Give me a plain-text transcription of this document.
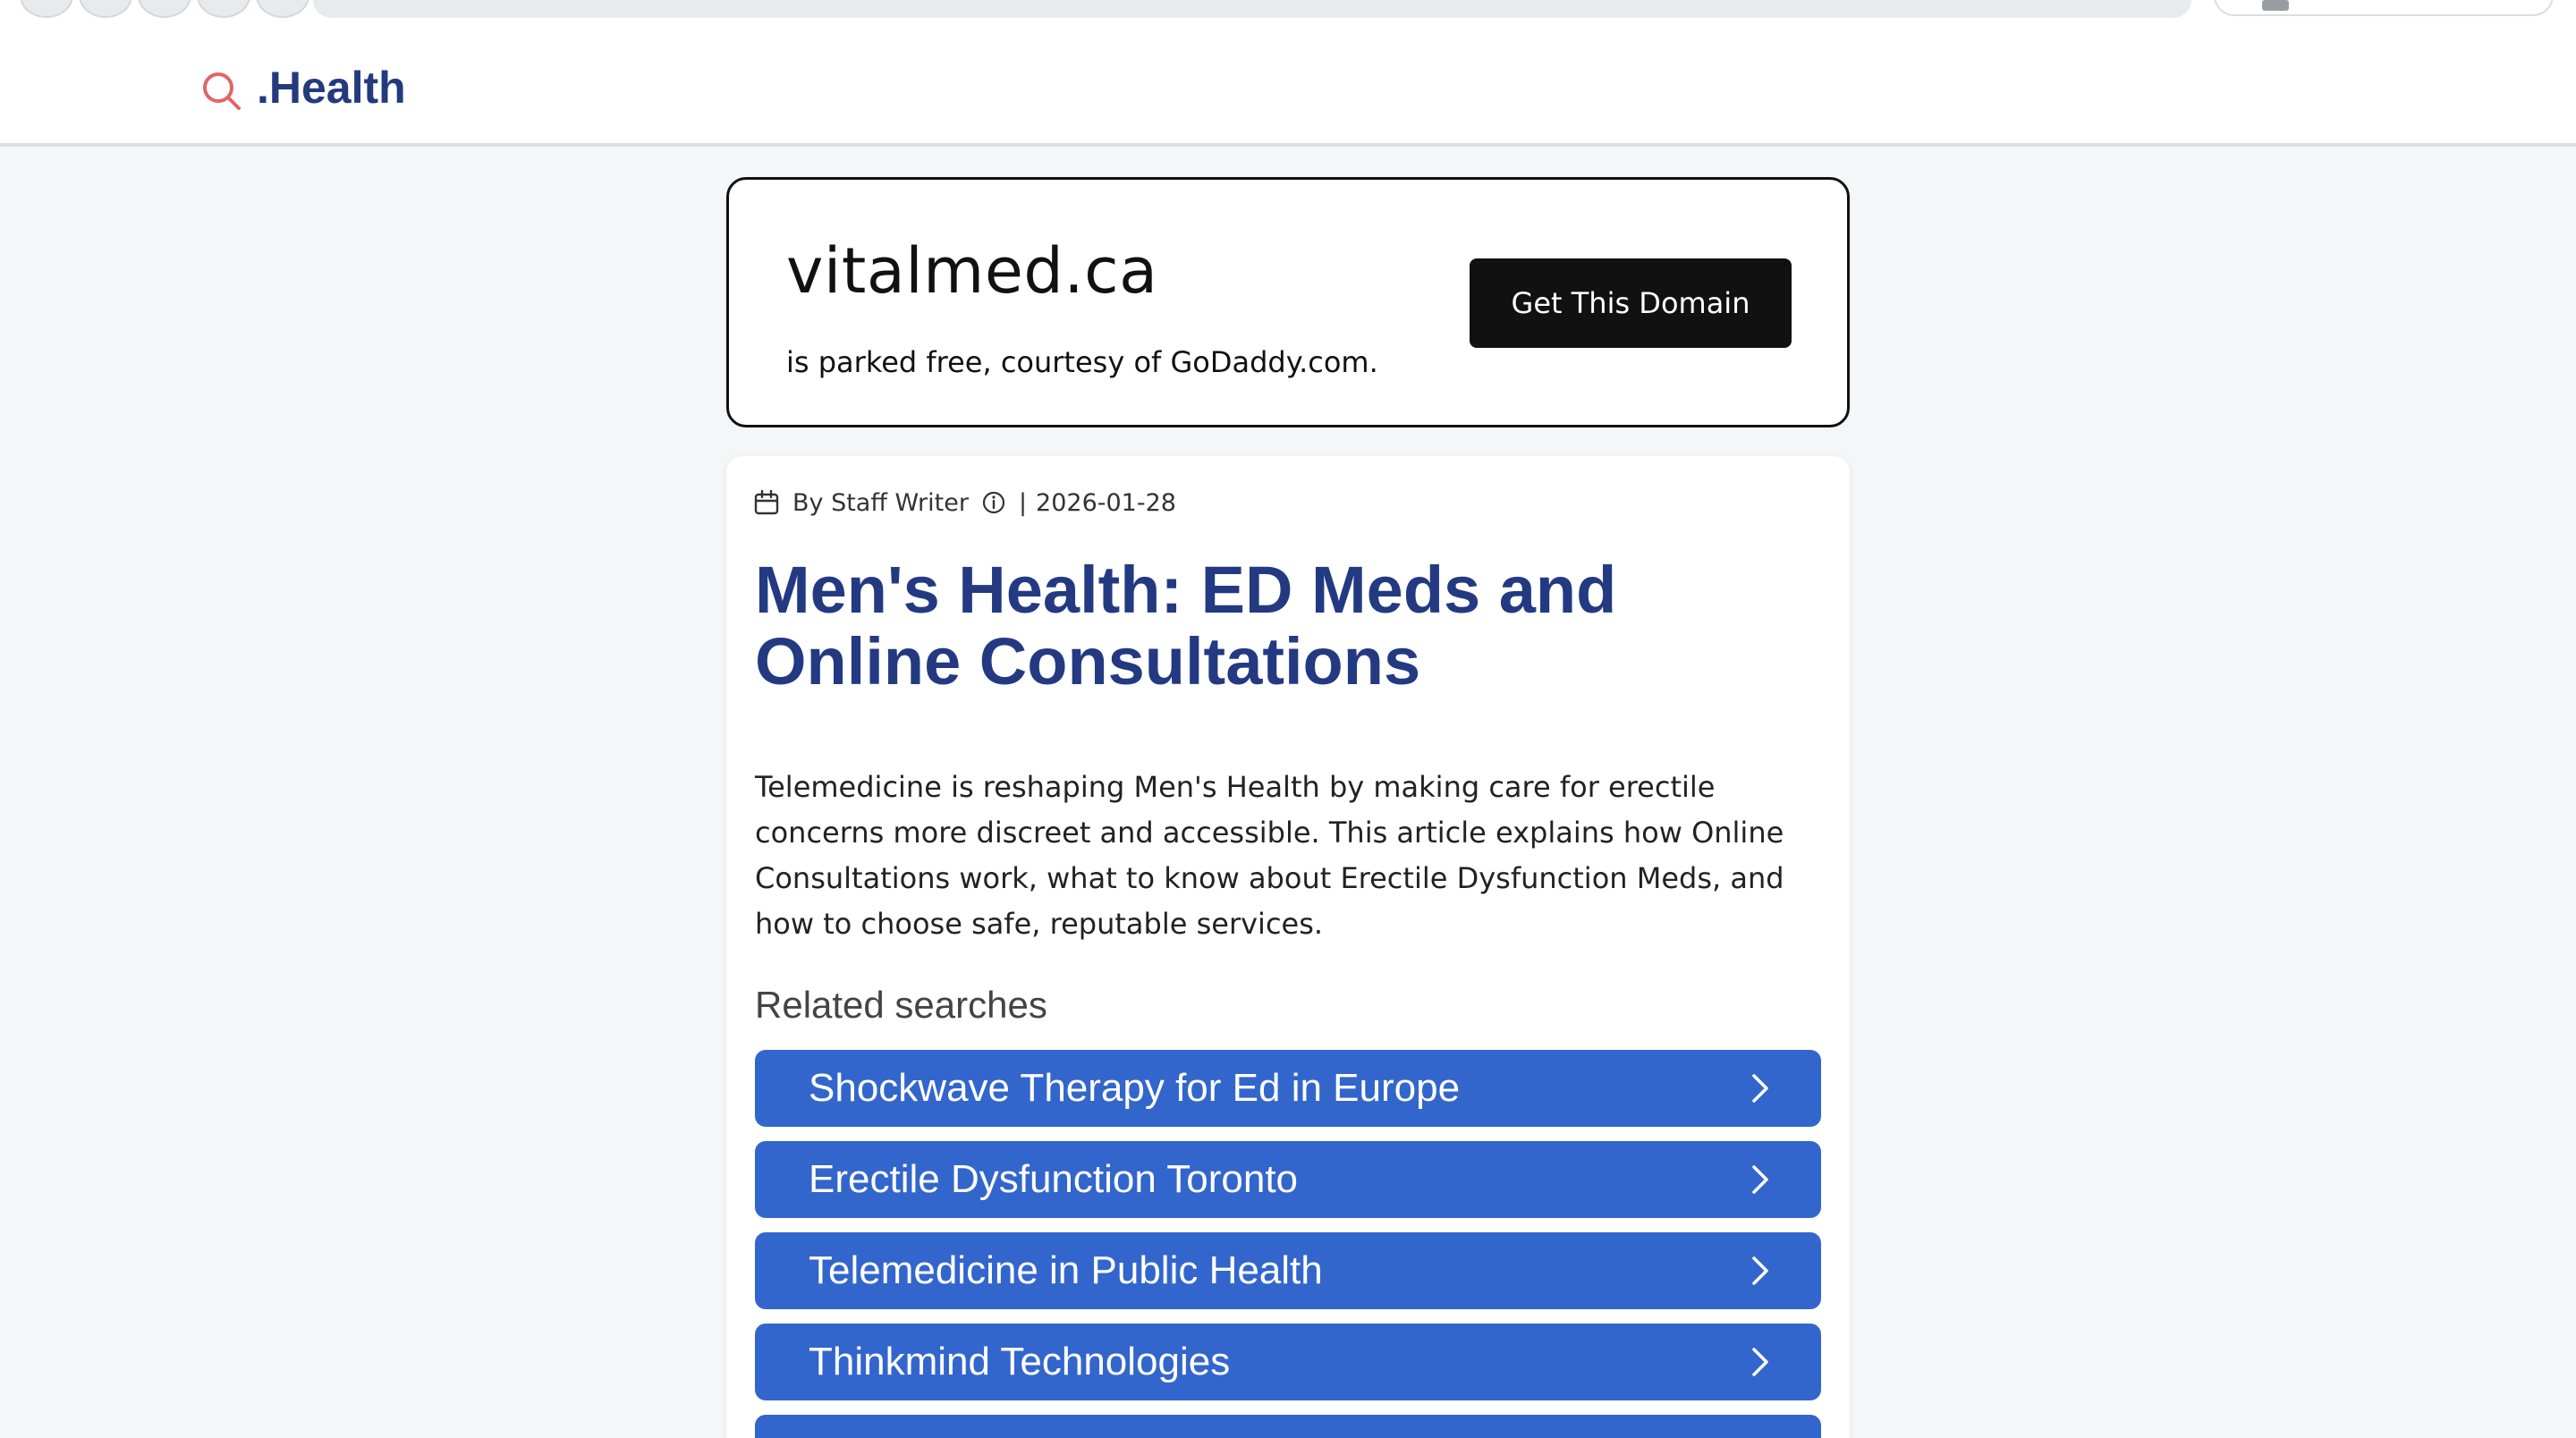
.Health
vitalmed.ca
is parked free, courtesy of GoDaddy.com.
Get This Domain
By Staff Writer | 2026-01-28
Men's Health: ED Meds and Online Consultations

Telemedicine is reshaping Men's Health by making care for erectile concerns more discreet and accessible. This article explains how Online Consultations work, what to know about Erectile Dysfunction Meds, and how to choose safe, reputable services.

Related searches
Shockwave Therapy for Ed in Europe
Erectile Dysfunction Toronto
Telemedicine in Public Health
Thinkmind Technologies
